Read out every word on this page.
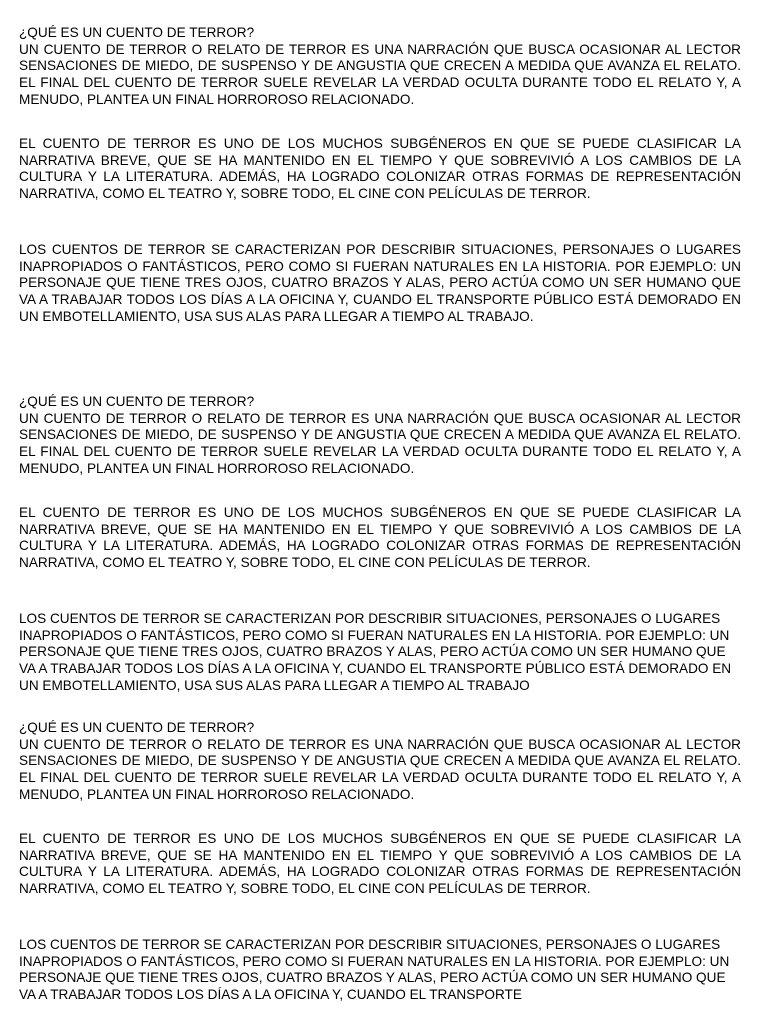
¿QUÉ ES UN CUENTO DE TERROR?

UN CUENTO DE TERROR O RELATO DE TERROR ES UNA NARRACIÓN QUE BUSCA OCASIONAR AL LECTOR SENSACIONES DE MIEDO, DE SUSPENSO Y DE ANGUSTIA QUE CRECEN A MEDIDA QUE AVANZA EL RELATO. EL FINAL DEL CUENTO DE TERROR SUELE REVELAR LA VERDAD OCULTA DURANTE TODO EL RELATO Y, A MENUDO, PLANTEA UN FINAL HORROROSO RELACIONADO.

EL CUENTO DE TERROR ES UNO DE LOS MUCHOS SUBGÉNEROS EN QUE SE PUEDE CLASIFICAR LA NARRATIVA BREVE, QUE SE HA MANTENIDO EN EL TIEMPO Y QUE SOBREVIVIÓ A LOS CAMBIOS DE LA CULTURA Y LA LITERATURA. ADEMÁS, HA LOGRADO COLONIZAR OTRAS FORMAS DE REPRESENTACIÓN NARRATIVA, COMO EL TEATRO Y, SOBRE TODO, EL CINE CON PELÍCULAS DE TERROR.

LOS CUENTOS DE TERROR SE CARACTERIZAN POR DESCRIBIR SITUACIONES, PERSONAJES O LUGARES INAPROPIADOS O FANTÁSTICOS, PERO COMO SI FUERAN NATURALES EN LA HISTORIA. POR EJEMPLO: UN PERSONAJE QUE TIENE TRES OJOS, CUATRO BRAZOS Y ALAS, PERO ACTÚA COMO UN SER HUMANO QUE VA A TRABAJAR TODOS LOS DÍAS A LA OFICINA Y, CUANDO EL TRANSPORTE PÚBLICO ESTÁ DEMORADO EN UN EMBOTELLAMIENTO, USA SUS ALAS PARA LLEGAR A TIEMPO AL TRABAJO.

¿QUÉ ES UN CUENTO DE TERROR?

UN CUENTO DE TERROR O RELATO DE TERROR ES UNA NARRACIÓN QUE BUSCA OCASIONAR AL LECTOR SENSACIONES DE MIEDO, DE SUSPENSO Y DE ANGUSTIA QUE CRECEN A MEDIDA QUE AVANZA EL RELATO. EL FINAL DEL CUENTO DE TERROR SUELE REVELAR LA VERDAD OCULTA DURANTE TODO EL RELATO Y, A MENUDO, PLANTEA UN FINAL HORROROSO RELACIONADO.

EL CUENTO DE TERROR ES UNO DE LOS MUCHOS SUBGÉNEROS EN QUE SE PUEDE CLASIFICAR LA NARRATIVA BREVE, QUE SE HA MANTENIDO EN EL TIEMPO Y QUE SOBREVIVIÓ A LOS CAMBIOS DE LA CULTURA Y LA LITERATURA. ADEMÁS, HA LOGRADO COLONIZAR OTRAS FORMAS DE REPRESENTACIÓN NARRATIVA, COMO EL TEATRO Y, SOBRE TODO, EL CINE CON PELÍCULAS DE TERROR.

LOS CUENTOS DE TERROR SE CARACTERIZAN POR DESCRIBIR SITUACIONES, PERSONAJES O LUGARES INAPROPIADOS O FANTÁSTICOS, PERO COMO SI FUERAN NATURALES EN LA HISTORIA. POR EJEMPLO: UN PERSONAJE QUE TIENE TRES OJOS, CUATRO BRAZOS Y ALAS, PERO ACTÚA COMO UN SER HUMANO QUE VA A TRABAJAR TODOS LOS DÍAS A LA OFICINA Y, CUANDO EL TRANSPORTE PÚBLICO ESTÁ DEMORADO EN UN EMBOTELLAMIENTO, USA SUS ALAS PARA LLEGAR A TIEMPO AL TRABAJO

¿QUÉ ES UN CUENTO DE TERROR?

UN CUENTO DE TERROR O RELATO DE TERROR ES UNA NARRACIÓN QUE BUSCA OCASIONAR AL LECTOR SENSACIONES DE MIEDO, DE SUSPENSO Y DE ANGUSTIA QUE CRECEN A MEDIDA QUE AVANZA EL RELATO. EL FINAL DEL CUENTO DE TERROR SUELE REVELAR LA VERDAD OCULTA DURANTE TODO EL RELATO Y, A MENUDO, PLANTEA UN FINAL HORROROSO RELACIONADO.

EL CUENTO DE TERROR ES UNO DE LOS MUCHOS SUBGÉNEROS EN QUE SE PUEDE CLASIFICAR LA NARRATIVA BREVE, QUE SE HA MANTENIDO EN EL TIEMPO Y QUE SOBREVIVIÓ A LOS CAMBIOS DE LA CULTURA Y LA LITERATURA. ADEMÁS, HA LOGRADO COLONIZAR OTRAS FORMAS DE REPRESENTACIÓN NARRATIVA, COMO EL TEATRO Y, SOBRE TODO, EL CINE CON PELÍCULAS DE TERROR.

LOS CUENTOS DE TERROR SE CARACTERIZAN POR DESCRIBIR SITUACIONES, PERSONAJES O LUGARES INAPROPIADOS O FANTÁSTICOS, PERO COMO SI FUERAN NATURALES EN LA HISTORIA. POR EJEMPLO: UN PERSONAJE QUE TIENE TRES OJOS, CUATRO BRAZOS Y ALAS, PERO ACTÚA COMO UN SER HUMANO QUE VA A TRABAJAR TODOS LOS DÍAS A LA OFICINA Y, CUANDO EL TRANSPORTE
